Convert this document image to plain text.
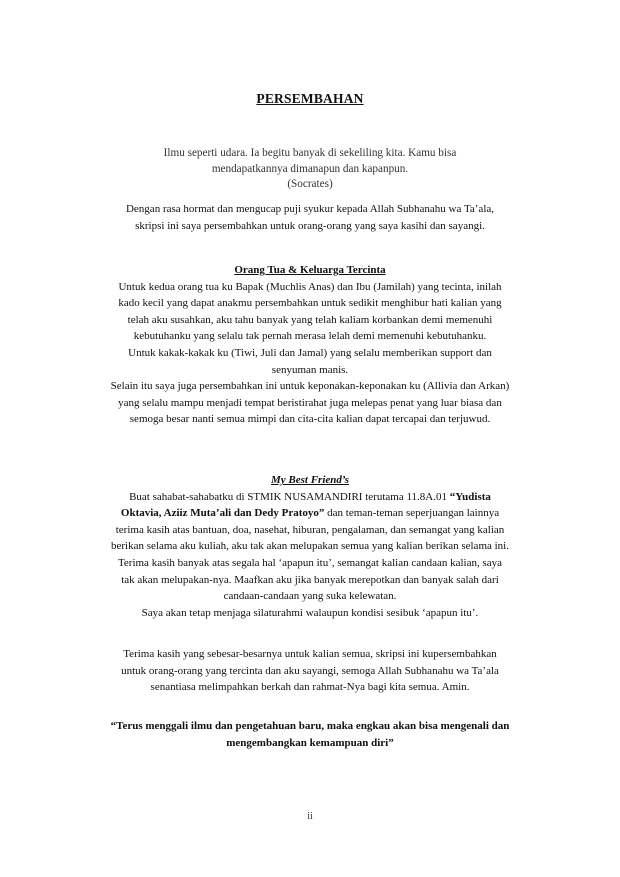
PERSEMBAHAN
Ilmu seperti udara. Ia begitu banyak di sekeliling kita. Kamu bisa
mendapatkannya dimanapun dan kapanpun.
(Socrates)

Dengan rasa hormat dan mengucap puji syukur kepada Allah Subhanahu wa Ta’ala, skripsi ini saya persembahkan untuk orang-orang yang saya kasihi dan sayangi.

Orang Tua & Keluarga Tercinta

Untuk kedua orang tua ku Bapak (Muchlis Anas) dan Ibu (Jamilah) yang tecinta, inilah kado kecil yang dapat anakmu persembahkan untuk sedikit menghibur hati kalian yang telah aku susahkan, aku tahu banyak yang telah kaliam korbankan demi memenuhi kebutuhanku yang selalu tak pernah merasa lelah demi memenuhi kebutuhanku.

Untuk kakak-kakak ku (Tiwi, Juli dan Jamal) yang selalu memberikan support dan senyuman manis.

Selain itu saya juga persembahkan ini untuk keponakan-keponakan ku (Allivia dan Arkan) yang selalu mampu menjadi tempat beristirahat juga melepas penat yang luar biasa dan semoga besar nanti semua mimpi dan cita-cita kalian dapat tercapai dan terjuwud.

My Best Friend’s

Buat sahabat-sahabatku di STMIK NUSAMANDIRI terutama 11.8A.01 “Yudista Oktavia, Aziiz Muta’ali dan Dedy Pratoyo” dan teman-teman seperjuangan lainnya terima kasih atas bantuan, doa, nasehat, hiburan, pengalaman, dan semangat yang kalian berikan selama aku kuliah, aku tak akan melupakan semua yang kalian berikan selama ini.

Terima kasih banyak atas segala hal ‘apapun itu’, semangat kalian candaan kalian, saya tak akan melupakan-nya. Maafkan aku jika banyak merepotkan dan banyak salah dari candaan-candaan yang suka kelewatan.

Saya akan tetap menjaga silaturahmi walaupun kondisi sesibuk ‘apapun itu’.

Terima kasih yang sebesar-besarnya untuk kalian semua, skripsi ini kupersembahkan untuk orang-orang yang tercinta dan aku sayangi, semoga Allah Subhanahu wa Ta’ala senantiasa melimpahkan berkah dan rahmat-Nya bagi kita semua. Amin.

“Terus menggali ilmu dan pengetahuan baru, maka engkau akan bisa mengenali dan mengembangkan kemampuan diri”

ii
